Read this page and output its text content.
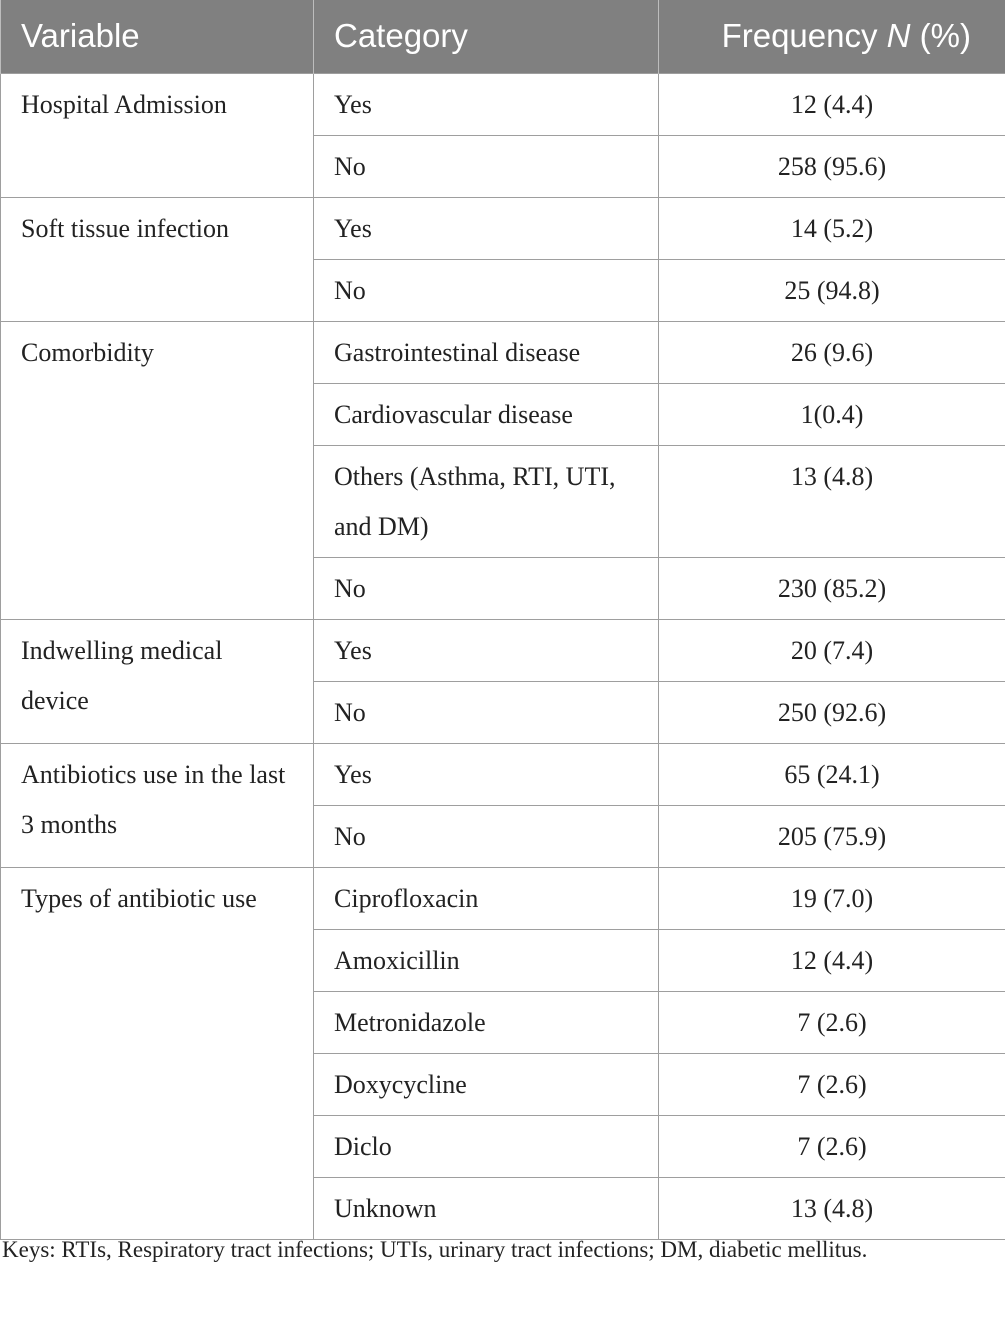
Variable	Category	Frequency N (%)
Hospital Admission	Yes	12 (4.4)
	No	258 (95.6)
Soft tissue infection	Yes	14 (5.2)
	No	25 (94.8)
Comorbidity	Gastrointestinal disease	26 (9.6)
	Cardiovascular disease	1(0.4)
	Others (Asthma, RTI, UTI, and DM)	13 (4.8)
	No	230 (85.2)
Indwelling medical device	Yes	20 (7.4)
	No	250 (92.6)
Antibiotics use in the last 3 months	Yes	65 (24.1)
	No	205 (75.9)
Types of antibiotic use	Ciprofloxacin	19 (7.0)
	Amoxicillin	12 (4.4)
	Metronidazole	7 (2.6)
	Doxycycline	7 (2.6)
	Diclo	7 (2.6)
	Unknown	13 (4.8)
Keys: RTIs, Respiratory tract infections; UTIs, urinary tract infections; DM, diabetic mellitus.
